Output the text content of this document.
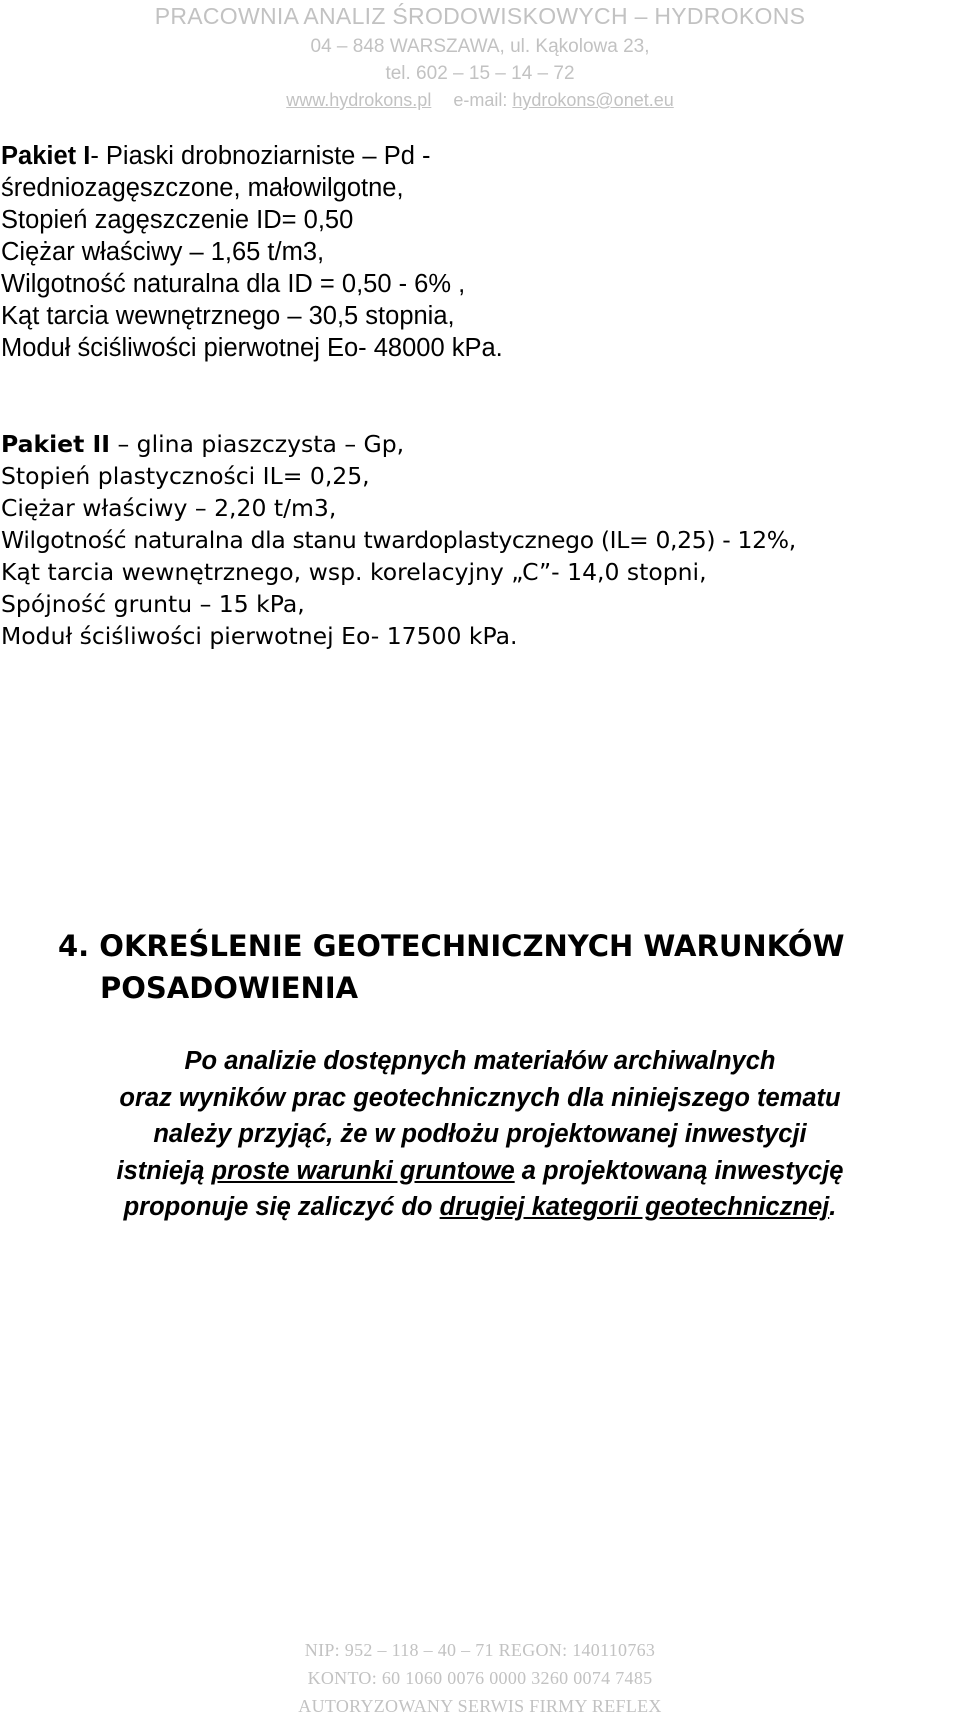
PRACOWNIA ANALIZ ŚRODOWISKOWYCH – HYDROKONS
04 – 848 WARSZAWA, ul. Kąkolowa 23,
tel. 602 – 15 – 14 – 72
www.hydrokons.pl e-mail: hydrokons@onet.eu
Pakiet I- Piaski drobnoziarniste – Pd -
średniozagęszczone, małowilgotne,
Stopień zagęszczenie ID= 0,50
Ciężar właściwy – 1,65 t/m3,
Wilgotność naturalna dla ID = 0,50 - 6% ,
Kąt tarcia wewnętrznego – 30,5 stopnia,
Moduł ściśliwości pierwotnej Eo- 48000 kPa.
Pakiet II – glina piaszczysta – Gp,
Stopień plastyczności IL= 0,25,
Ciężar właściwy – 2,20 t/m3,
Wilgotność naturalna dla stanu twardoplastycznego (IL= 0,25) - 12%,
Kąt tarcia wewnętrznego, wsp. korelacyjny „C”- 14,0 stopni,
Spójność gruntu – 15 kPa,
Moduł ściśliwości pierwotnej Eo- 17500 kPa.
4. OKREŚLENIE GEOTECHNICZNYCH WARUNKÓW
POSADOWIENIA
Po analizie dostępnych materiałów archiwalnych
oraz wyników prac geotechnicznych dla niniejszego tematu
należy przyjąć, że w podłożu projektowanej inwestycji
istnieją proste warunki gruntowe a projektowaną inwestycję
proponuje się zaliczyć do drugiej kategorii geotechnicznej.
NIP: 952 – 118 – 40 – 71 REGON: 140110763
KONTO: 60 1060 0076 0000 3260 0074 7485
AUTORYZOWANY SERWIS FIRMY REFLEX
